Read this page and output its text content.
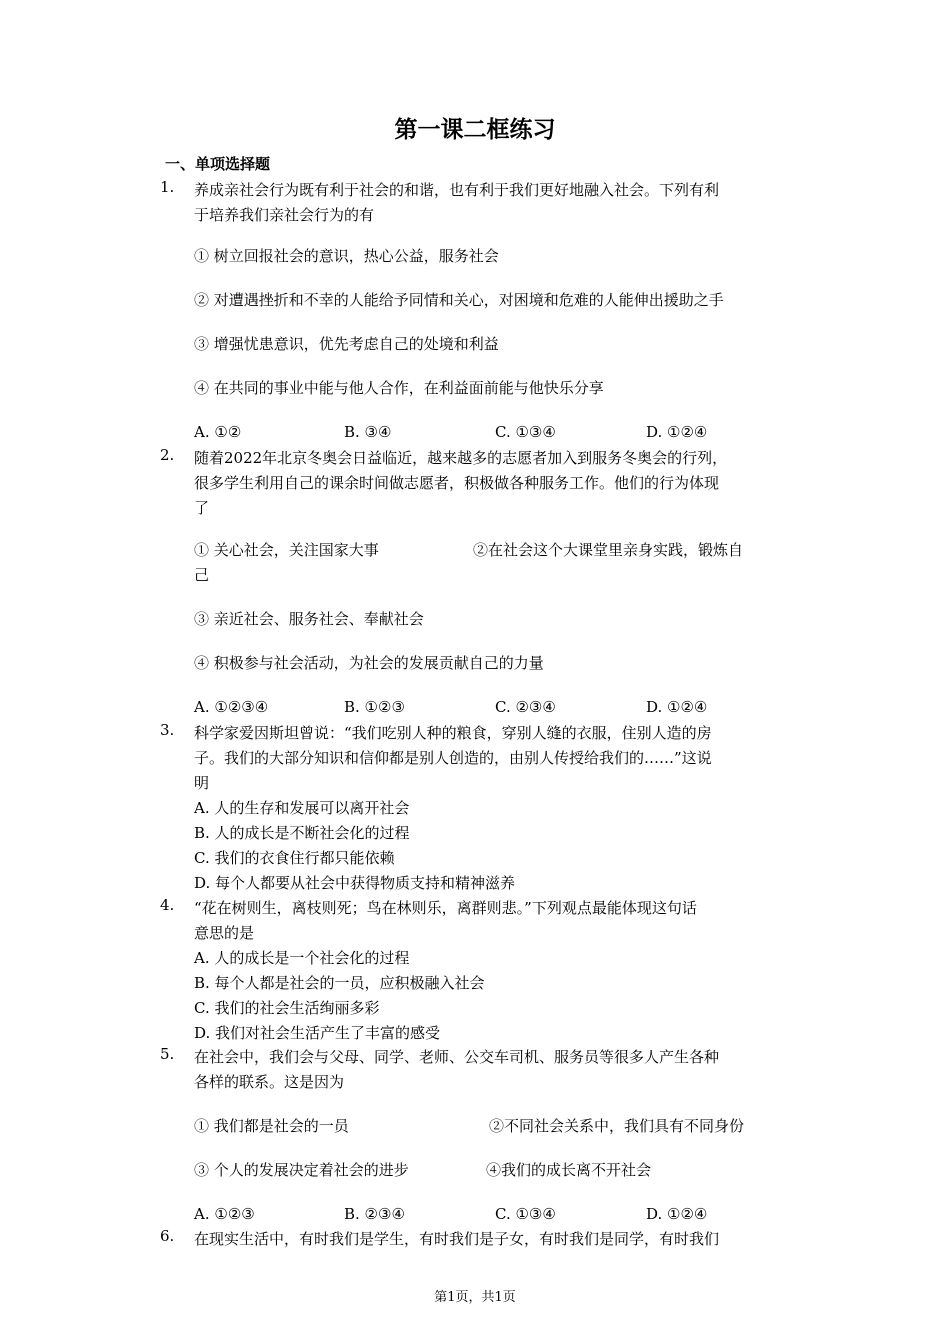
第一课二框练习
一、单项选择题
1.	养成亲社会行为既有利于社会的和谐，也有利于我们更好地融入社会。下列有利
于培养我们亲社会行为的有
① 树立回报社会的意识，热心公益，服务社会
② 对遭遇挫折和不幸的人能给予同情和关心，对困境和危难的人能伸出援助之手
③ 增强忧患意识，优先考虑自己的处境和利益
④ 在共同的事业中能与他人合作，在利益面前能与他快乐分享
A. ①②	B. ③④	C. ①③④	D. ①②④
2.	随着2022年北京冬奥会日益临近，越来越多的志愿者加入到服务冬奥会的行列，
很多学生利用自己的课余时间做志愿者，积极做各种服务工作。他们的行为体现
了
① 关心社会，关注国家大事	②在社会这个大课堂里亲身实践，锻炼自
己
③ 亲近社会、服务社会、奉献社会
④ 积极参与社会活动，为社会的发展贡献自己的力量
A. ①②③④	B. ①②③	C. ②③④	D. ①②④
3.	科学家爱因斯坦曾说：“我们吃别人种的粮食，穿别人缝的衣服，住别人造的房
子。我们的大部分知识和信仰都是别人创造的，由别人传授给我们的……”这说
明
A. 人的生存和发展可以离开社会
B. 人的成长是不断社会化的过程
C. 我们的衣食住行都只能依赖
D. 每个人都要从社会中获得物质支持和精神滋养
4.	“花在树则生，离枝则死；鸟在林则乐，离群则悲。”下列观点最能体现这句话
意思的是
A. 人的成长是一个社会化的过程
B. 每个人都是社会的一员，应积极融入社会
C. 我们的社会生活绚丽多彩
D. 我们对社会生活产生了丰富的感受
5.	在社会中，我们会与父母、同学、老师、公交车司机、服务员等很多人产生各种
各样的联系。这是因为
① 我们都是社会的一员	②不同社会关系中，我们具有不同身份
③ 个人的发展决定着社会的进步	④我们的成长离不开社会
A. ①②③	B. ②③④	C. ①③④	D. ①②④
6.	在现实生活中，有时我们是学生，有时我们是子女，有时我们是同学，有时我们
第1页，共1页
